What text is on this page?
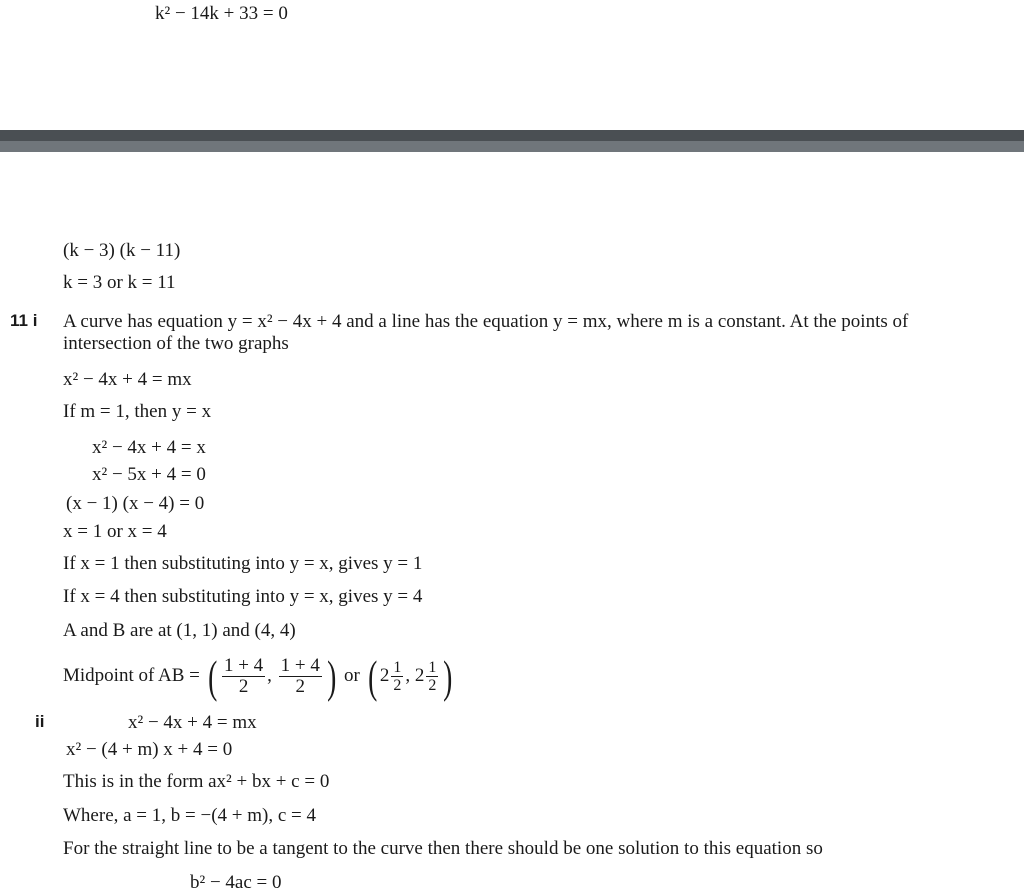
k² − 14k + 33 = 0
(k − 3) (k − 11)
k = 3 or k = 11
11 i A curve has equation y = x² − 4x + 4 and a line has the equation y = mx, where m is a constant. At the points of
intersection of the two graphs
x² − 4x + 4 = mx
If m = 1, then y = x
x² − 4x + 4 = x
x² − 5x + 4 = 0
(x − 1) (x − 4) = 0
x = 1 or x = 4
If x = 1 then substituting into y = x, gives y = 1
If x = 4 then substituting into y = x, gives y = 4
A and B are at (1, 1) and (4, 4)
Midpoint of AB = ( $\frac{1 + 4}{2}$ , $\frac{1 + 4}{2}$ ) or ( $2 \frac{1}{2}$ , $2 \frac{1}{2}$ )
ii	x² − 4x + 4 = mx
x² − (4 + m) x + 4 = 0
This is in the form ax² + bx + c = 0
Where, a = 1, b = −(4 + m), c = 4
For the straight line to be a tangent to the curve then there should be one solution to this equation so
b² − 4ac = 0
